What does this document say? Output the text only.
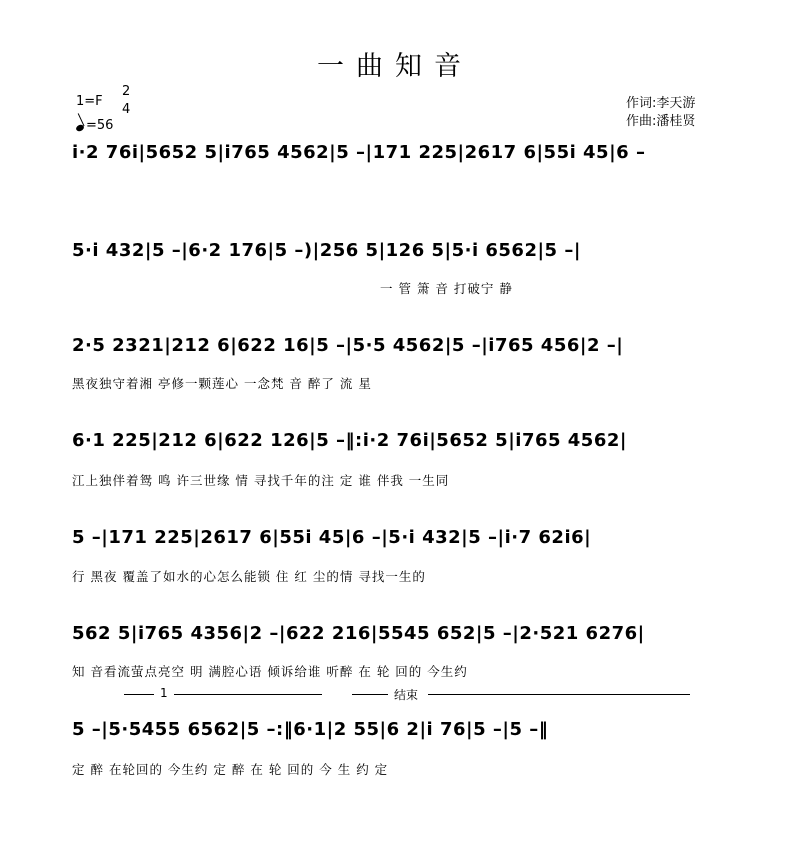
一曲知音
1=F
2
4
=56
作词:李天游
作曲:潘桂贤
i·2 76i|5652 5|i765 4562|5 –|171 225|2617 6|55i 45|6 –
5·i 432|5 –|6·2 176|5 –)|256 5|126 5|5·i 6562|5 –|
一 管 箫 音 打破宁 静
2·5 2321|212 6|622 16|5 –|5·5 4562|5 –|i765 456|2 –|
黑夜独守着湘 亭修一颗莲心 一念梵 音 醉了 流 星
6·1 225|212 6|622 126|5 –‖:i·2 76i|5652 5|i765 4562|
江上独伴着鸳 鸣 许三世缘 情 寻找千年的注 定 谁 伴我 一生同
5 –|171 225|2617 6|55i 45|6 –|5·i 432|5 –|i·7 62i6|
行 黑夜 覆盖了如水的心怎么能锁 住 红 尘的情 寻找一生的
562 5|i765 4356|2 –|622 216|5545 652|5 –|2·521 6276|
知 音看流萤点亮空 明 满腔心语 倾诉给谁 听醉 在 轮 回的 今生约
1	结束
5 –|5·5455 6562|5 –:‖6·1|2 55|6 2|i 76|5 –|5 –‖
定 醉 在轮回的 今生约 定 醉 在 轮 回的 今 生 约 定
